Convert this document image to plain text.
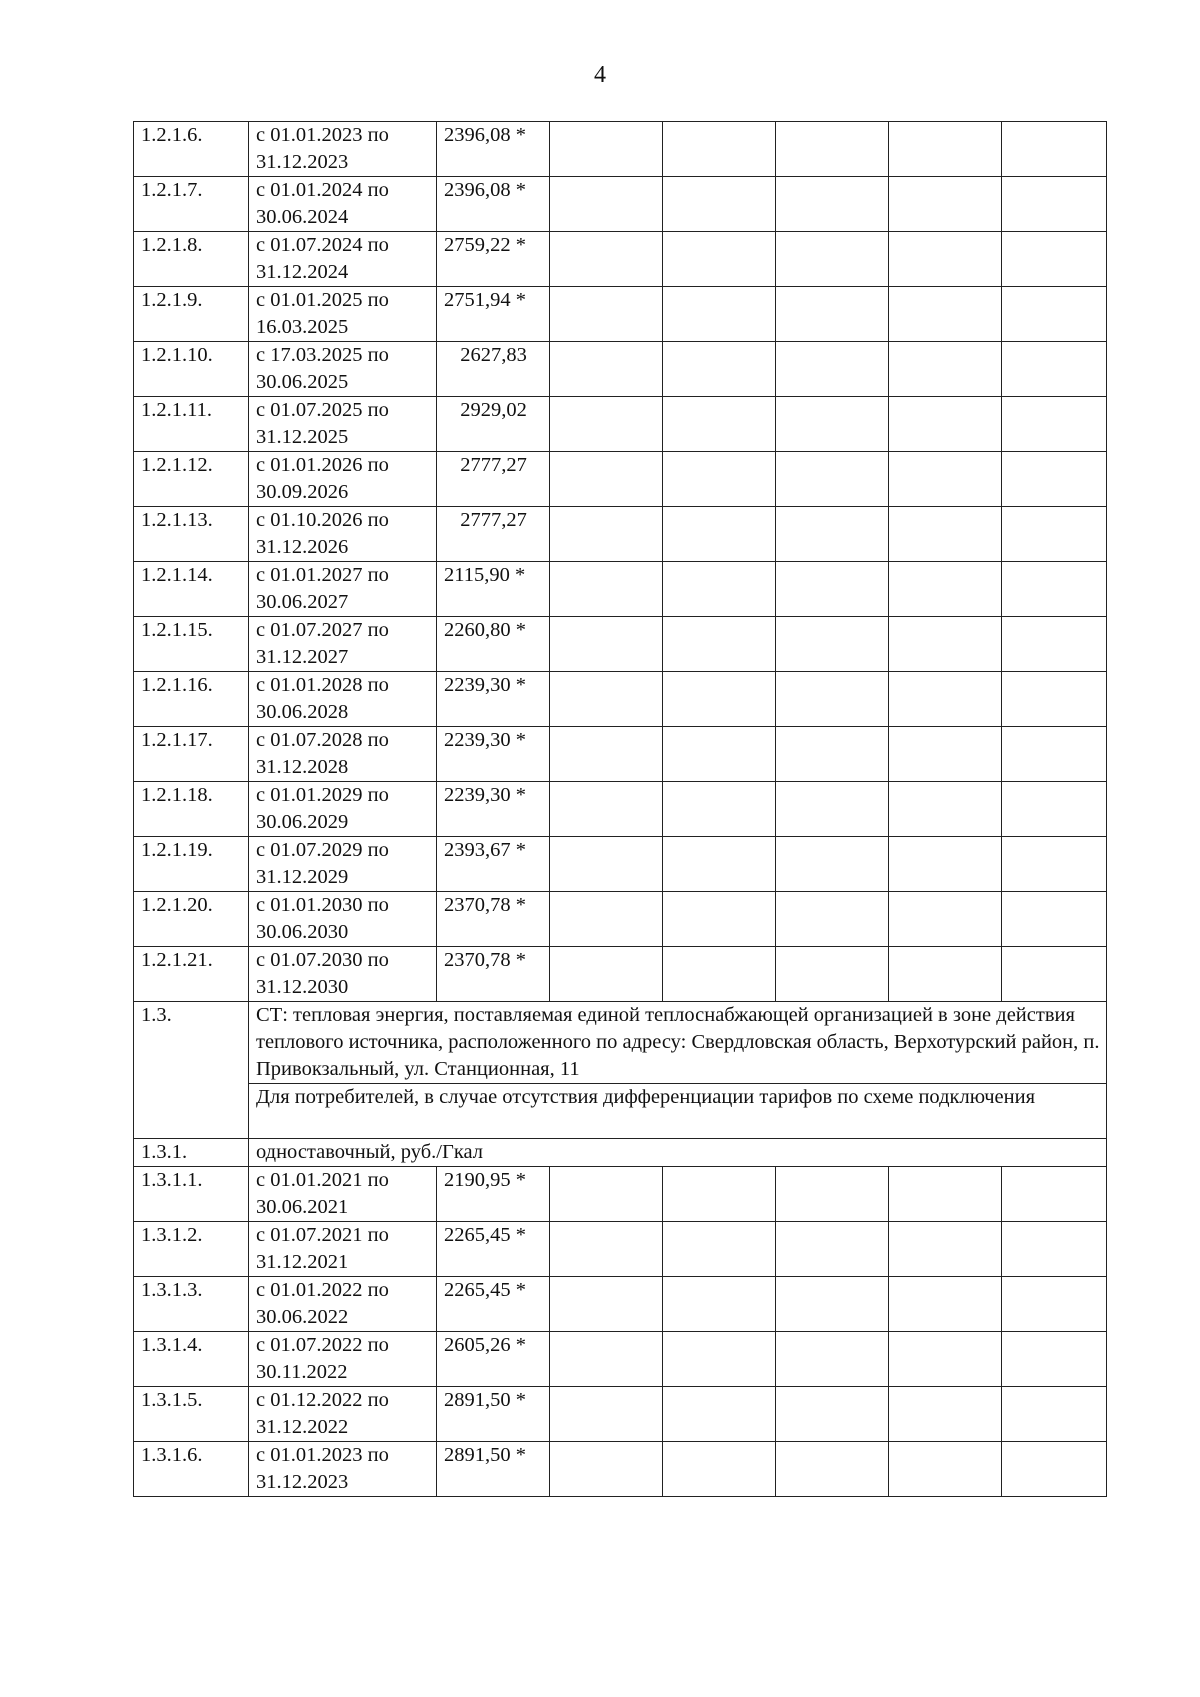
4
1.2.1.6.	с 01.01.2023 по 31.12.2023	2396,08 *					
1.2.1.7.	с 01.01.2024 по 30.06.2024	2396,08 *					
1.2.1.8.	с 01.07.2024 по 31.12.2024	2759,22 *					
1.2.1.9.	с 01.01.2025 по 16.03.2025	2751,94 *					
1.2.1.10.	с 17.03.2025 по 30.06.2025	2627,83					
1.2.1.11.	с 01.07.2025 по 31.12.2025	2929,02					
1.2.1.12.	с 01.01.2026 по 30.09.2026	2777,27					
1.2.1.13.	с 01.10.2026 по 31.12.2026	2777,27					
1.2.1.14.	с 01.01.2027 по 30.06.2027	2115,90 *					
1.2.1.15.	с 01.07.2027 по 31.12.2027	2260,80 *					
1.2.1.16.	с 01.01.2028 по 30.06.2028	2239,30 *					
1.2.1.17.	с 01.07.2028 по 31.12.2028	2239,30 *					
1.2.1.18.	с 01.01.2029 по 30.06.2029	2239,30 *					
1.2.1.19.	с 01.07.2029 по 31.12.2029	2393,67 *					
1.2.1.20.	с 01.01.2030 по 30.06.2030	2370,78 *					
1.2.1.21.	с 01.07.2030 по 31.12.2030	2370,78 *					
1.3.	СТ: тепловая энергия, поставляемая единой теплоснабжающей организацией в зоне действия теплового источника, расположенного по адресу: Свердловская область, Верхотурский район, п. Привокзальный, ул. Станционная, 11						
	Для потребителей, в случае отсутствия дифференциации тарифов по схеме подключения						
1.3.1.	одноставочный, руб./Гкал						
1.3.1.1.	с 01.01.2021 по 30.06.2021	2190,95 *					
1.3.1.2.	с 01.07.2021 по 31.12.2021	2265,45 *					
1.3.1.3.	с 01.01.2022 по 30.06.2022	2265,45 *					
1.3.1.4.	с 01.07.2022 по 30.11.2022	2605,26 *					
1.3.1.5.	с 01.12.2022 по 31.12.2022	2891,50 *					
1.3.1.6.	с 01.01.2023 по 31.12.2023	2891,50 *					
